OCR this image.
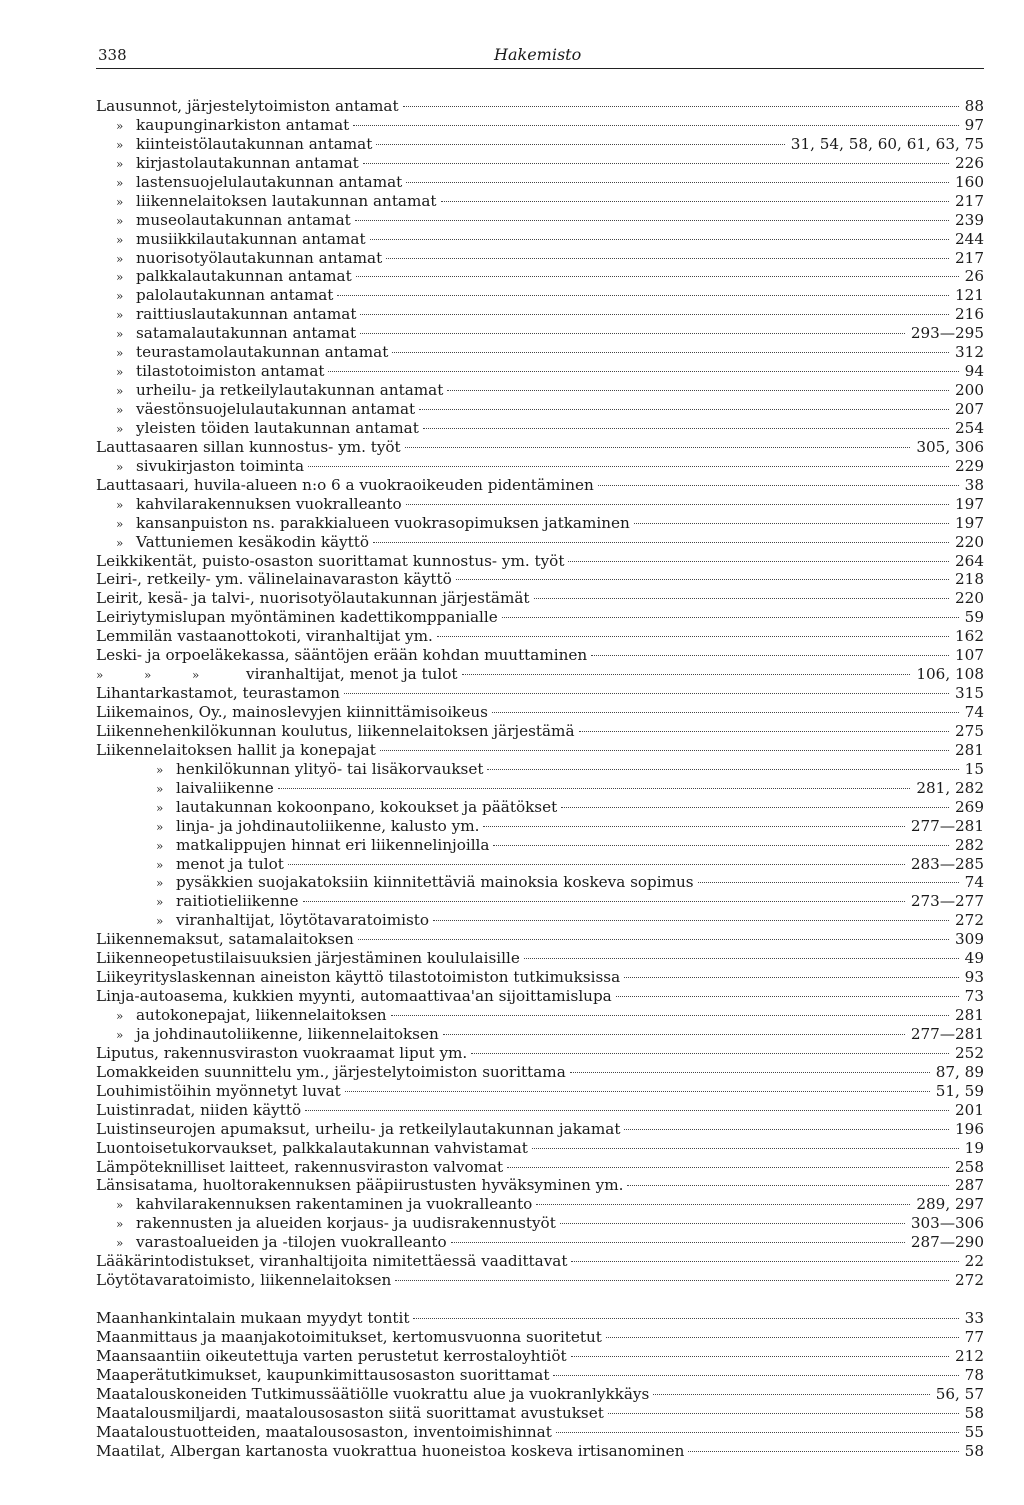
338	Hakemisto
Lausunnot, järjestelytoimiston antamat	88
» kaupunginarkiston antamat	97
» kiinteistölautakunnan antamat	31, 54, 58, 60, 61, 63, 75
» kirjastolautakunnan antamat	226
» lastensuojelulautakunnan antamat	160
» liikennelaitoksen lautakunnan antamat	217
» museolautakunnan antamat	239
» musiikkilautakunnan antamat	244
» nuorisotyölautakunnan antamat	217
» palkkalautakunnan antamat	26
» palolautakunnan antamat	121
» raittiuslautakunnan antamat	216
» satamalautakunnan antamat	293—295
» teurastamolautakunnan antamat	312
» tilastotoimiston antamat	94
» urheilu- ja retkeilylautakunnan antamat	200
» väestönsuojelulautakunnan antamat	207
» yleisten töiden lautakunnan antamat	254
Lauttasaaren sillan kunnostus- ym. työt	305, 306
» sivukirjaston toiminta	229
Lauttasaari, huvila-alueen n:o 6 a vuokraoikeuden pidentäminen	38
» kahvilarakennuksen vuokralleanto	197
» kansanpuiston ns. parakkialueen vuokrasopimuksen jatkaminen	197
» Vattuniemen kesäkodin käyttö	220
Leikkikentät, puisto-osaston suorittamat kunnostus- ym. työt	264
Leiri-, retkeily- ym. välinelainavaraston käyttö	218
Leirit, kesä- ja talvi-, nuorisotyölautakunnan järjestämät	220
Leiriytymislupan myöntäminen kadettikomppanialle	59
Lemmilän vastaanottokoti, viranhaltijat ym.	162
Leski- ja orpoeläkekassa, sääntöjen erään kohdan muuttaminen	107
»	»	»	viranhaltijat, menot ja tulot	106, 108
Lihantarkastamot, teurastamon	315
Liikemainos, Oy., mainoslevyjen kiinnittämisoikeus	74
Liikennehenkilökunnan koulutus, liikennelaitoksen järjestämä	275
Liikennelaitoksen hallit ja konepajat	281
» henkilökunnan ylityö- tai lisäkorvaukset	15
» laivaliikenne	281, 282
» lautakunnan kokoonpano, kokoukset ja päätökset	269
» linja- ja johdinautoliikenne, kalusto ym.	277—281
» matkalippujen hinnat eri liikennelinjoilla	282
» menot ja tulot	283—285
» pysäkkien suojakatoksiin kiinnitettäviä mainoksia koskeva sopimus	74
» raitiotieliikenne	273—277
» viranhaltijat, löytötavaratoimisto	272
Liikennemaksut, satamalaitoksen	309
Liikenneopetustilaisuuksien järjestäminen koululaisille	49
Liikeyrityslaskennan aineiston käyttö tilastotoimiston tutkimuksissa	93
Linja-autoasema, kukkien myynti, automaattivaa'an sijoittamislupa	73
» autokonepajat, liikennelaitoksen	281
» ja johdinautoliikenne, liikennelaitoksen	277—281
Liputus, rakennusviraston vuokraamat liput ym.	252
Lomakkeiden suunnittelu ym., järjestelytoimiston suorittama	87, 89
Louhimistöihin myönnetyt luvat	51, 59
Luistinradat, niiden käyttö	201
Luistinseurojen apumaksut, urheilu- ja retkeilylautakunnan jakamat	196
Luontoisetukorvaukset, palkkalautakunnan vahvistamat	19
Lämpöteknilliset laitteet, rakennusviraston valvomat	258
Länsisatama, huoltorakennuksen pääpiirustusten hyväksyminen ym.	287
» kahvilarakennuksen rakentaminen ja vuokralleanto	289, 297
» rakennusten ja alueiden korjaus- ja uudisrakennustyöt	303—306
» varastoalueiden ja -tilojen vuokralleanto	287—290
Lääkärintodistukset, viranhaltijoita nimitettäessä vaadittavat	22
Löytötavaratoimisto, liikennelaitoksen	272
Maanhankintalain mukaan myydyt tontit	33
Maanmittaus ja maanjakotoimitukset, kertomusvuonna suoritetut	77
Maansaantiin oikeutettuja varten perustetut kerrostaloyhtiöt	212
Maaperätutkimukset, kaupunkimittausosaston suorittamat	78
Maatalouskoneiden Tutkimussäätiölle vuokrattu alue ja vuokranlykkäys	56, 57
Maatalousmiljardi, maatalousosaston siitä suorittamat avustukset	58
Maataloustuotteiden, maatalousosaston, inventoimishinnat	55
Maatilat, Albergan kartanosta vuokrattua huoneistoa koskeva irtisanominen	58
